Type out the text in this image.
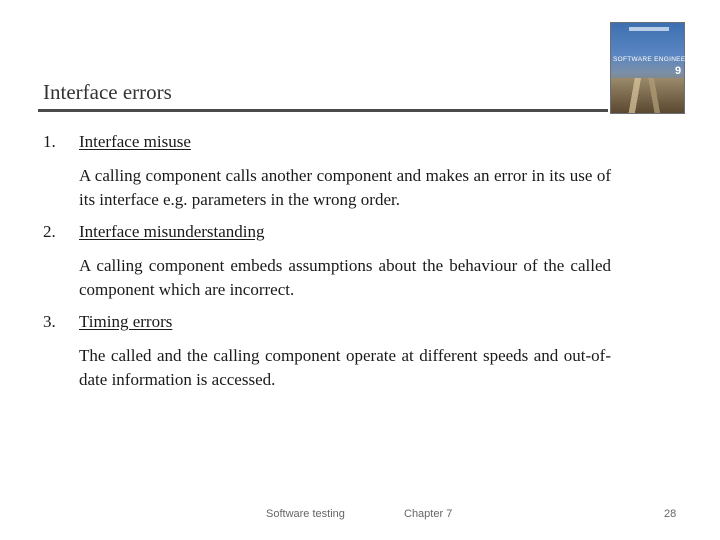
Interface errors
SOFTWARE ENGINEERING
9
1. Interface misuse
A calling component calls another component and makes an error in its use of its interface e.g. parameters in the wrong order.
2. Interface misunderstanding
A calling component embeds assumptions about the behaviour of the called component which are incorrect.
3. Timing errors
The called and the calling component operate at different speeds and out-of-date information is accessed.
Software testing	Chapter 7	28
